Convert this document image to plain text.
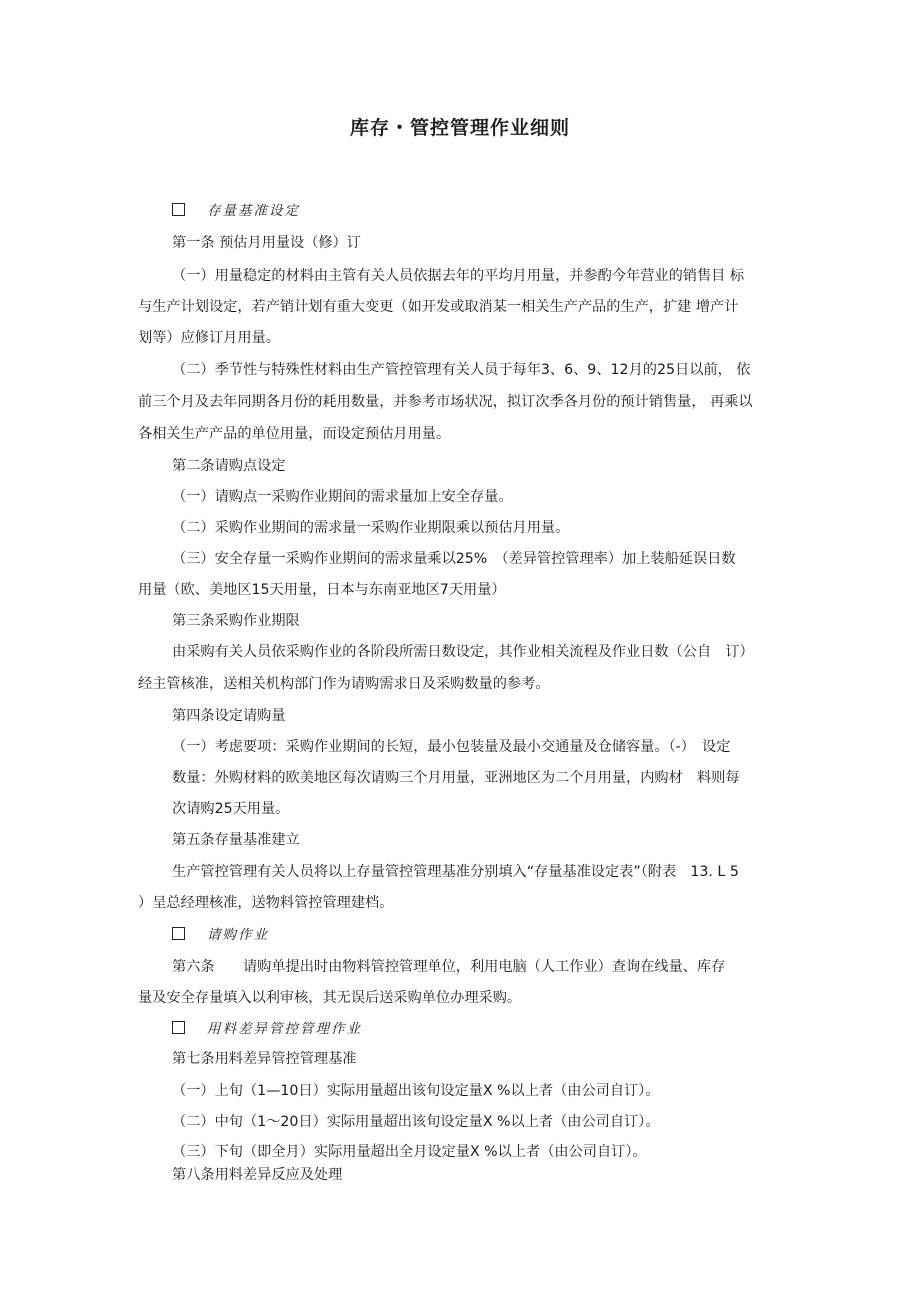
库存・管控管理作业细则
存量基准设定
第一条 预估月用量设（修）订
（一）用量稳定的材料由主管有关人员依据去年的平均月用量，并参酌今年营业的销售目 标
与生产计划设定，若产销计划有重大变更（如开发或取消某一相关生产产品的生产，扩建 增产计
划等）应修订月用量。
（二）季节性与特殊性材料由生产管控管理有关人员于每年3、6、9、12月的25日以前， 依
前三个月及去年同期各月份的耗用数量，并参考市场状况，拟订次季各月份的预计销售量， 再乘以
各相关生产产品的单位用量，而设定预估月用量。
第二条请购点设定
（一）请购点一采购作业期间的需求量加上安全存量。
（二）采购作业期间的需求量一采购作业期限乘以预估月用量。
（三）安全存量一采购作业期间的需求量乘以25%　（差异管控管理率）加上装船延误日数
用量（欧、美地区15天用量，日本与东南亚地区7天用量）
第三条采购作业期限
由采购有关人员依采购作业的各阶段所需日数设定，其作业相关流程及作业日数（公自　订）
经主管核准，送相关机构部门作为请购需求日及采购数量的参考。
第四条设定请购量
（一）考虑要项：采购作业期间的长短，最小包装量及最小交通量及仓储容量。（-）　设定
数量：外购材料的欧美地区每次请购三个月用量，亚洲地区为二个月用量，内购材　料则每
次请购25天用量。
第五条存量基准建立
生产管控管理有关人员将以上存量管控管理基准分别填入“存量基准设定表”（附表　13. L 5
）呈总经理核准，送物料管控管理建档。
请购作业
第六条　　请购单提出时由物料管控管理单位，利用电脑（人工作业）查询在线量、库存
量及安全存量填入以利审核，其无误后送采购单位办理采购。
用料差异管控管理作业
第七条用料差异管控管理基准
（一）上旬（1—10日）实际用量超出该旬设定量X %以上者（由公司自订）。
（二）中旬（1～20日）实际用量超出该旬设定量X %以上者（由公司自订）。
（三）下旬（即全月）实际用量超出全月设定量X %以上者（由公司自订）。
第八条用料差异反应及处理
